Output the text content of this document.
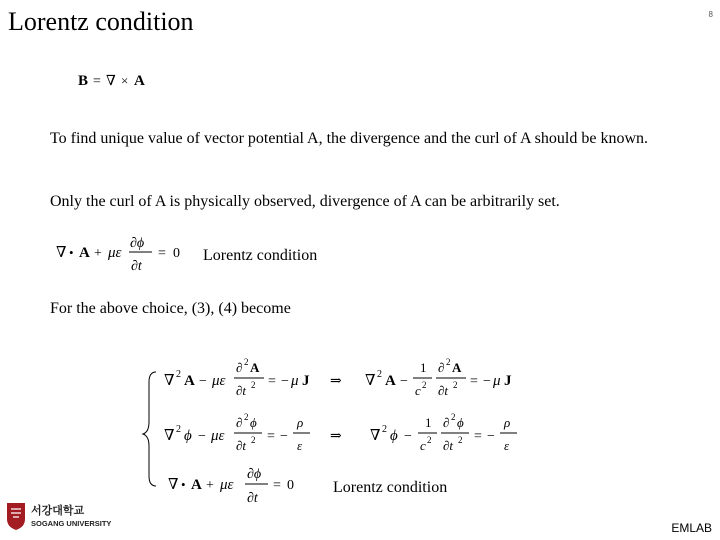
Lorentz condition	8
B = ∇ × A
To find unique value of vector potential A, the divergence and the curl of A should be known.
Only the curl of A is physically observed, divergence of A can be arbitrarily set.
∇ • A + με
∂ϕ
∂t
= 0 Lorentz condition
For the above choice, (3), (4) become
∇ 2 A − με
∂ 2 A
∂t 2 = − μ J ⇒ ∇ 2 A −
1
c 2
∂ 2 A
∂t 2 = − μ J
∇ 2 ϕ − με
∂ 2 ϕ
∂t 2 = −
ρ
ε
⇒ ∇ 2 ϕ −
1
c 2
∂ 2 ϕ
∂t 2 = −
ρ
ε
∇ • A + με
∂ϕ
∂t
= 0 Lorentz condition
서강대학교
SOGANG UNIVERSITY	EMLAB
